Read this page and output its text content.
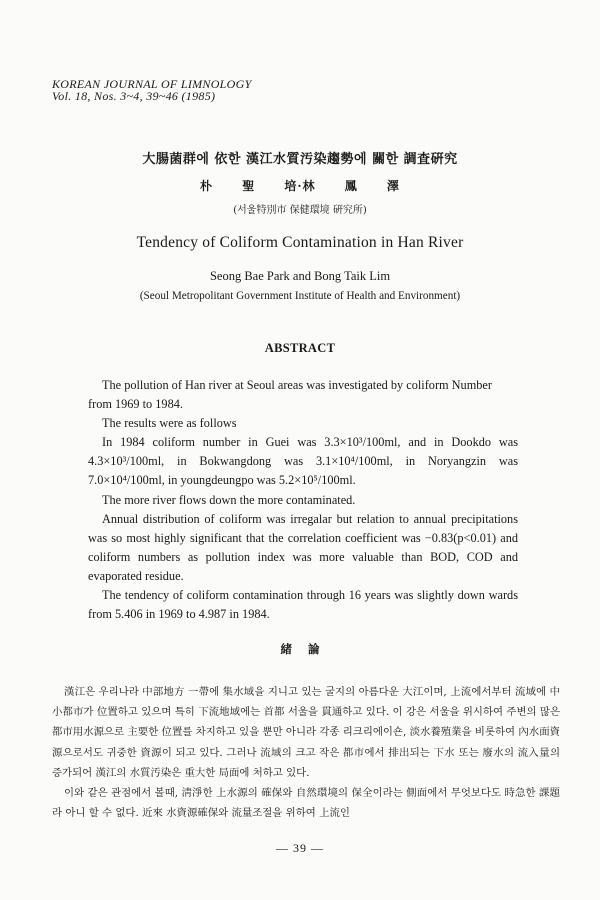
KOREAN JOURNAL OF LIMNOLOGY
Vol. 18, Nos. 3~4, 39~46 (1985)
大腸菌群에 依한 漢江水質汚染趨勢에 關한 調査硏究
朴 聖 培·林 鳳 澤
(서울特別市 保健環境 硏究所)
Tendency of Coliform Contamination in Han River
Seong Bae Park and Bong Taik Lim
(Seoul Metropolitant Government Institute of Health and Environment)
ABSTRACT

The pollution of Han river at Seoul areas was investigated by coliform Number from 1969 to 1984.

The results were as follows

In 1984 coliform number in Guei was 3.3×10³/100ml, and in Dookdo was 4.3×10³/100ml, in Bokwangdong was 3.1×10⁴/100ml, in Noryangzin was 7.0×10⁴/100ml, in youngdeungpo was 5.2×10⁵/100ml.

The more river flows down the more contaminated.

Annual distribution of coliform was irregalar but relation to annual precipitations was so most highly significant that the correlation coefficient was −0.83(p<0.01) and coliform numbers as pollution index was more valuable than BOD, COD and evaporated residue.

The tendency of coliform contamination through 16 years was slightly down wards from 5.406 in 1969 to 4.987 in 1984.

緒 論

漢江은 우리나라 中部地方 一帶에 集水域을 지니고 있는 굴지의 아름다운 大江이며, 上流에서부터 流域에 中小都市가 位置하고 있으며 특히 下流地域에는 首都 서울을 貫通하고 있다. 이 강은 서울을 위시하여 주변의 많은 都市用水源으로 主要한 位置를 차지하고 있을 뿐만 아니라 각종 리크리에이숀, 淡水養殖業을 비롯하여 內水面資源으로서도 귀중한 資源이 되고 있다. 그러나 流域의 크고 작은 都市에서 排出되는 下水 또는 廢水의 流入量의 증가되어 漢江의 水質汚染은 重大한 局面에 처하고 있다.

이와 같은 관점에서 볼때, 淸淨한 上水源의 確保와 自然環境의 保全이라는 側面에서 무엇보다도 時急한 課題라 아니 할 수 없다. 近來 水資源確保와 流量조절을 위하여 上流인

— 39 —
